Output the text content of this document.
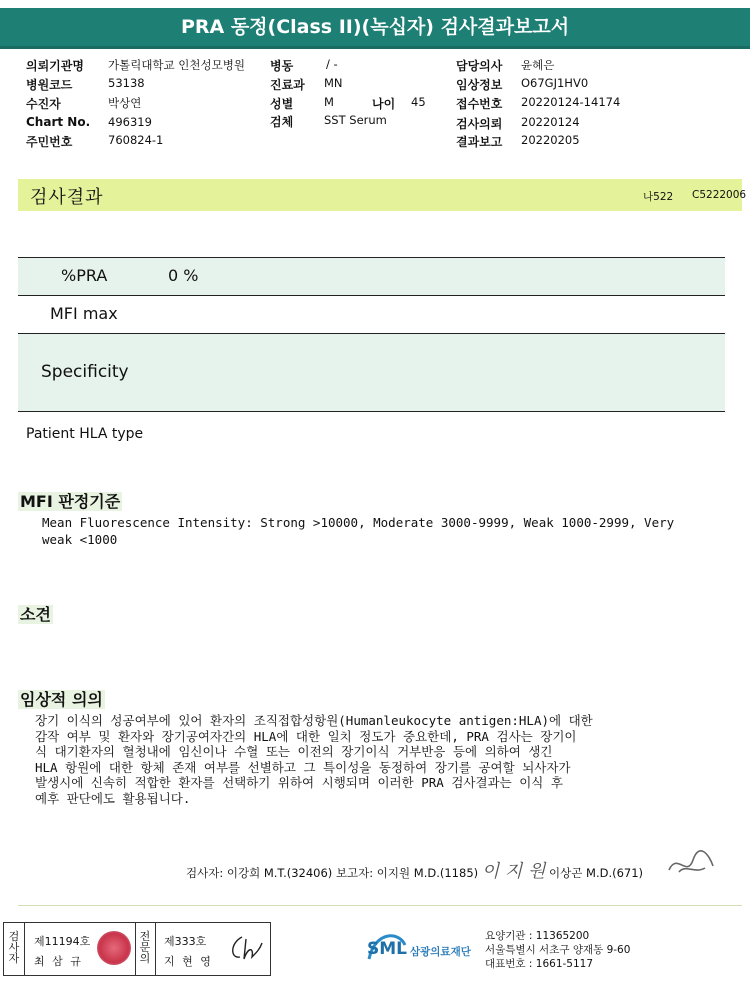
PRA 동정(Class II)(녹십자) 검사결과보고서
의뢰기관명 가톨릭대학교 인천성모병원
병원코드	53138
수진자	박상연
Chart No. 496319
주민번호	760824-1
병동	/ -
진료과 MN
성별	M	나이 45
검체	SST Serum
담당의사 윤혜은
임상정보 O67GJ1HV0
접수번호 20220124-14174
검사의뢰 20220124
결과보고 20220205
검사결과	나522 C5222006
%PRA	0 %
MFI max
Specificity
Patient HLA type
MFI 판정기준
Mean Fluorescence Intensity: Strong >10000, Moderate 3000-9999, Weak 1000-2999, Very
weak <1000
소견
임상적 의의
장기 이식의 성공여부에 있어 환자의 조직접합성항원(Humanleukocyte antigen:HLA)에 대한
감작 여부 및 환자와 장기공여자간의 HLA에 대한 일치 정도가 중요한데, PRA 검사는 장기이
식 대기환자의 혈청내에 임신이나 수혈 또는 이전의 장기이식 거부반응 등에 의하여 생긴
HLA 항원에 대한 항체 존재 여부를 선별하고 그 특이성을 동정하여 장기를 공여할 뇌사자가
발생시에 신속히 적합한 환자를 선택하기 위하여 시행되며 이러한 PRA 검사결과는 이식 후
예후 판단에도 활용됩니다.
검사자: 이강희 M.T.(32406) 보고자: 이지원 M.D.(1185) 이 지 원 이상곤 M.D.(671)
검
사
자
제11194호
최 삼 규
전
문
의
제333호
지 현 영
SML 삼광의료재단
요양기관 : 11365200
서울특별시 서초구 양재동 9-60
대표번호 : 1661-5117
